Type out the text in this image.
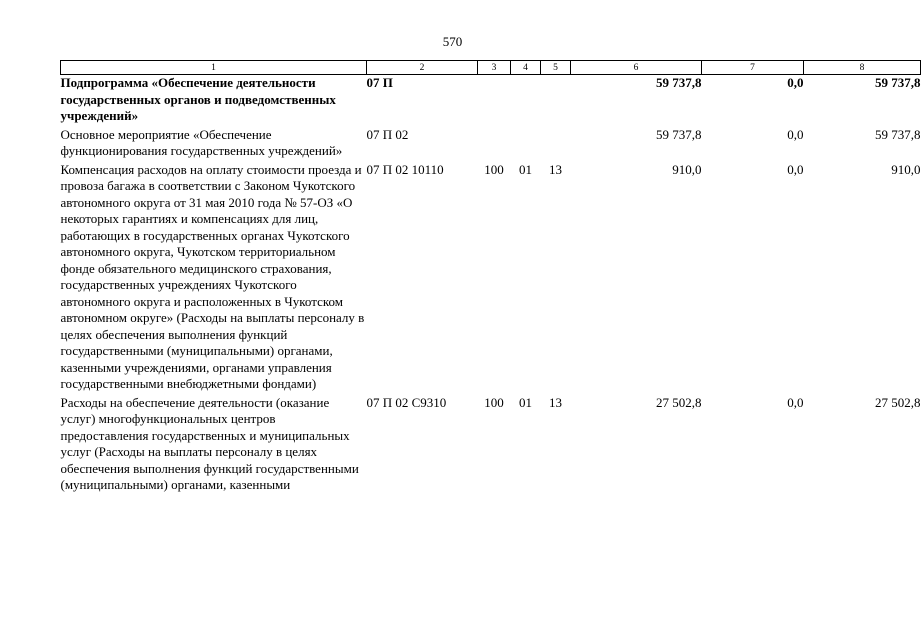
570
1	2	3	4	5	6	7	8
Подпрограмма «Обеспечение деятельности государственных органов и подведомственных учреждений»	07 П				59 737,8	0,0	59 737,8
Основное мероприятие «Обеспечение функционирования государственных учреждений»	07 П 02				59 737,8	0,0	59 737,8
Компенсация расходов на оплату стоимости проезда и провоза багажа в соответствии с Законом Чукотского автономного округа от 31 мая 2010 года № 57-ОЗ «О некоторых гарантиях и компенсациях для лиц, работающих в государственных органах Чукотского автономного округа, Чукотском территориальном фонде обязательного медицинского страхования, государственных учреждениях Чукотского автономного округа и расположенных в Чукотском автономном округе» (Расходы на выплаты персоналу в целях обеспечения выполнения функций государственными (муниципальными) органами, казенными учреждениями, органами управления государственными внебюджетными фондами)	07 П 02 10110	100	01	13	910,0	0,0	910,0
Расходы на обеспечение деятельности (оказание услуг) многофункциональных центров предоставления государственных и муниципальных услуг (Расходы на выплаты персоналу в целях обеспечения выполнения функций государственными (муниципальными) органами, казенными	07 П 02 С9310	100	01	13	27 502,8	0,0	27 502,8
